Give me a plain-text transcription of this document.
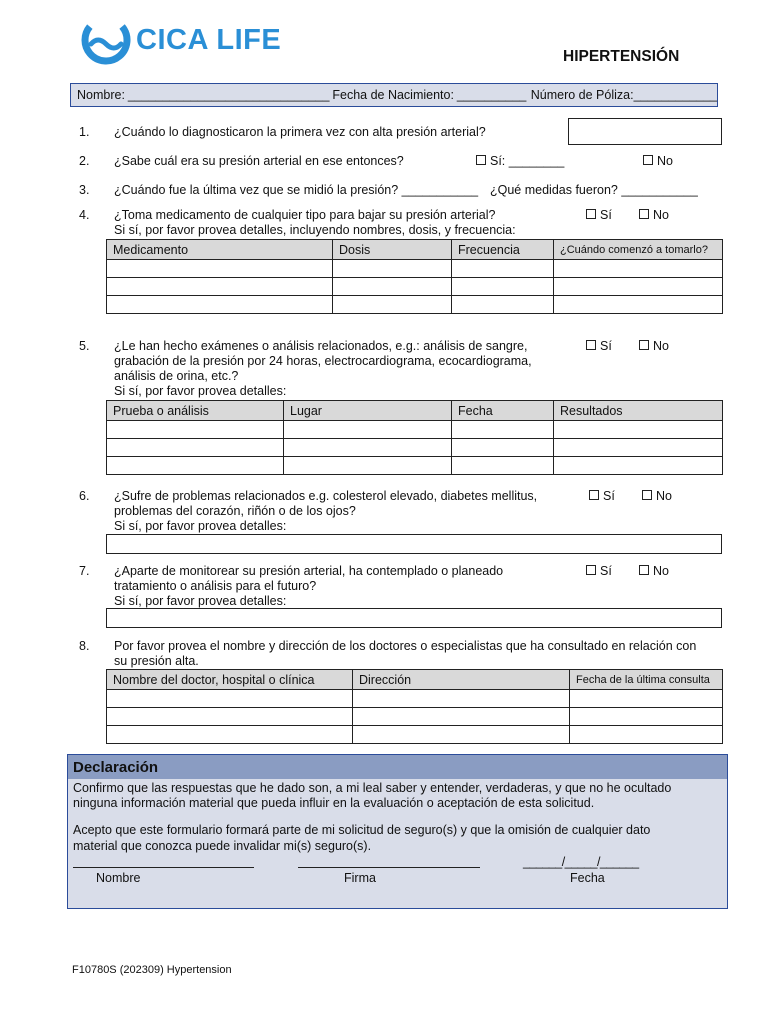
CICA LIFE
HIPERTENSIÓN
Nombre: _____________________________ Fecha de Nacimiento: __________ Número de Póliza: ____________
1. ¿Cuándo lo diagnosticaron la primera vez con alta presión arterial?
2. ¿Sabe cuál era su presión arterial en ese entonces?	Sí: ________	No
3. ¿Cuándo fue la última vez que se midió la presión? ___________ ¿Qué medidas fueron? ___________
4. ¿Toma medicamento de cualquier tipo para bajar su presión arterial?
Si sí, por favor provea detalles, incluyendo nombres, dosis, y frecuencia:
Sí	No
Medicamento	Dosis	Frecuencia	¿Cuándo comenzó a tomarlo?

5. ¿Le han hecho exámenes o análisis relacionados, e.g.: análisis de sangre,
grabación de la presión por 24 horas, electrocardiograma, ecocardiograma,
análisis de orina, etc.?
Si sí, por favor provea detalles:
Sí	No
Prueba o análisis	Lugar	Fecha	Resultados

6. ¿Sufre de problemas relacionados e.g. colesterol elevado, diabetes mellitus,
problemas del corazón, riñón o de los ojos?
Si sí, por favor provea detalles:
Sí	No
7. ¿Aparte de monitorear su presión arterial, ha contemplado o planeado
tratamiento o análisis para el futuro?
Si sí, por favor provea detalles:
Sí	No
8. Por favor provea el nombre y dirección de los doctores o especialistas que ha consultado en relación con
su presión alta.
Nombre del doctor, hospital o clínica	Dirección	Fecha de la última consulta

Declaración

Confirmo que las respuestas que he dado son, a mi leal saber y entender, verdaderas, y que no he ocultado

ninguna información material que pueda influir en la evaluación o aceptación de esta solicitud.

Acepto que este formulario formará parte de mi solicitud de seguro(s) y que la omisión de cualquier dato

material que conozca puede invalidar mi(s) seguro(s).

______/_____/______
Nombre	Firma	Fecha
F10780S (202309) Hypertension
